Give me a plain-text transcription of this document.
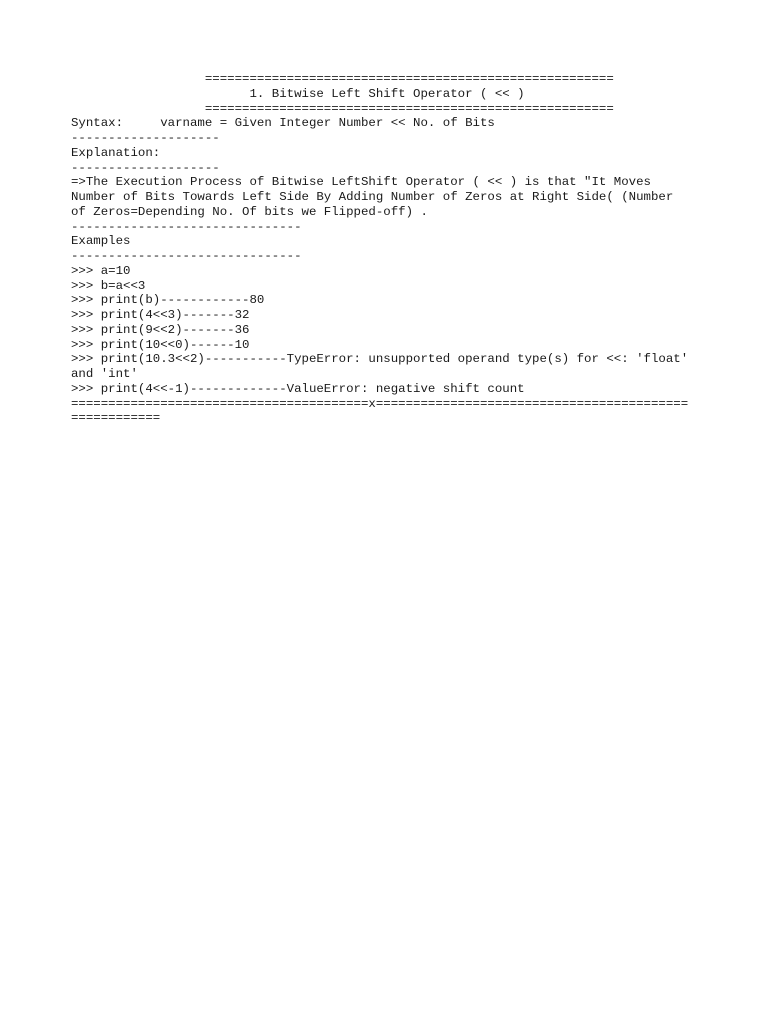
=======================================================
1. Bitwise Left Shift Operator ( << )
=======================================================
Syntax:     varname = Given Integer Number << No. of Bits
--------------------
Explanation:
--------------------
=>The Execution Process of Bitwise LeftShift Operator ( << ) is that "It Moves
Number of Bits Towards Left Side By Adding Number of Zeros at Right Side( (Number
of Zeros=Depending No. Of bits we Flipped-off) .
-------------------------------
Examples
-------------------------------
>>> a=10
>>> b=a<<3
>>> print(b)------------80
>>> print(4<<3)-------32
>>> print(9<<2)-------36
>>> print(10<<0)------10
>>> print(10.3<<2)-----------TypeError: unsupported operand type(s) for <<: 'float'
and 'int'
>>> print(4<<-1)-------------ValueError: negative shift count
========================================x==========================================
============
